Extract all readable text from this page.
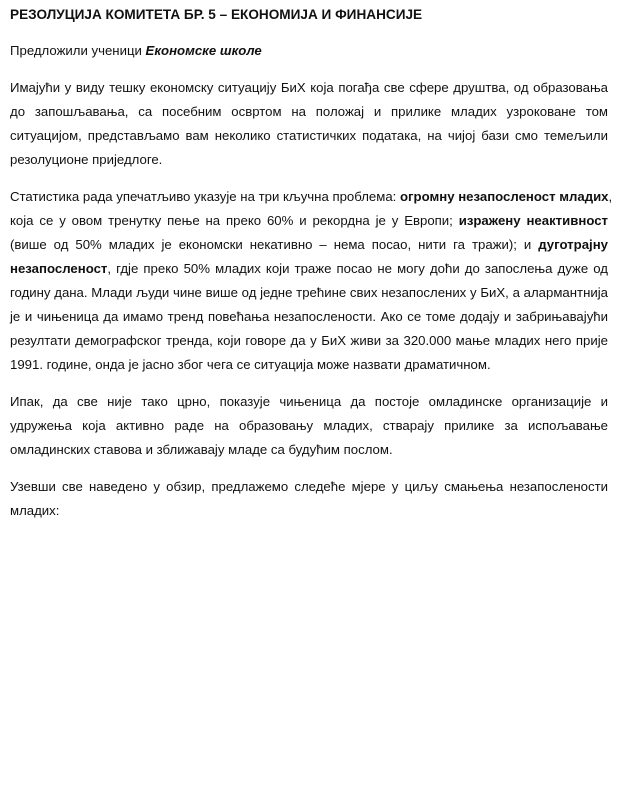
РЕЗОЛУЦИЈА КОМИТЕТА БР. 5 – ЕКОНОМИЈА И ФИНАНСИЈЕ
Предложили ученици Економске школе
Имајући у виду тешку економску ситуацију БиХ која погађа све сфере друштва, од образовања
до запошљавања, са посебним освртом на положај и прилике младих узроковане том
ситуацијом, представљамо вам неколико статистичких података, на чијој бази смо темељили
резолуционе приједлоге.
Статистика рада упечатљиво указује на три кључна проблема: огромну незапосленост младих,
која се у овом тренутку пење на преко 60% и рекордна је у Европи; изражену неактивност
(више од 50% младих је економски некативно – нема посао, нити га тражи); и дуготрајну
незапосленост, гдје преко 50% младих који траже посао не могу доћи до запослења дуже од
годину дана. Млади људи чине више од једне трећине свих незапослених у БиХ, а алармантнија
је и чињеница да имамо тренд повећања незапослености. Ако се томе додају и забрињавајући
резултати демографског тренда, који говоре да у БиХ живи за 320.000 мање младих него прије
1991. године, онда је јасно због чега се ситуација може назвати драматичном.
Ипак, да све није тако црно, показује чињеница да постоје омладинске организације и
удружења која активно раде на образовању младих, стварају прилике за испољавање
омладинских ставова и зближавају младе са будућим послом.
Узевши све наведено у обзир, предлажемо следеће мјере у циљу смањења незапослености
младих:
